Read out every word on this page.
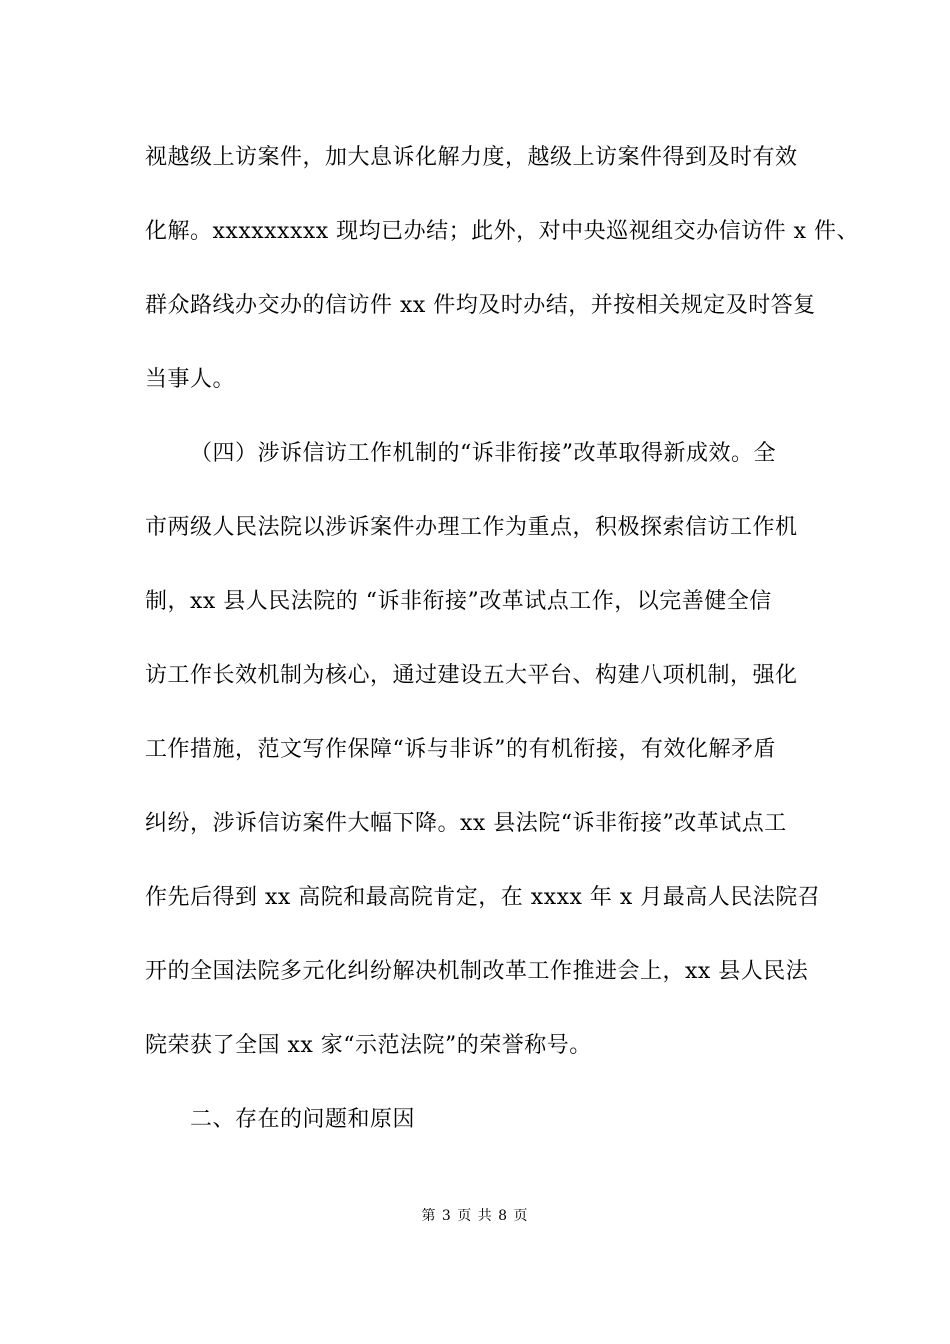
视越级上访案件，加大息诉化解力度，越级上访案件得到及时有效
化解。xxxxxxxxx 现均已办结；此外，对中央巡视组交办信访件 x 件、
群众路线办交办的信访件 xx 件均及时办结，并按相关规定及时答复
当事人。
（四）涉诉信访工作机制的“诉非衔接”改革取得新成效。全
市两级人民法院以涉诉案件办理工作为重点，积极探索信访工作机
制，xx 县人民法院的 “诉非衔接”改革试点工作，以完善健全信
访工作长效机制为核心，通过建设五大平台、构建八项机制，强化
工作措施，范文写作保障“诉与非诉”的有机衔接，有效化解矛盾
纠纷，涉诉信访案件大幅下降。xx 县法院“诉非衔接”改革试点工
作先后得到 xx 高院和最高院肯定，在 xxxx 年 x 月最高人民法院召
开的全国法院多元化纠纷解决机制改革工作推进会上，xx 县人民法
院荣获了全国 xx 家“示范法院”的荣誉称号。
二、存在的问题和原因
第 3 页 共 8 页
